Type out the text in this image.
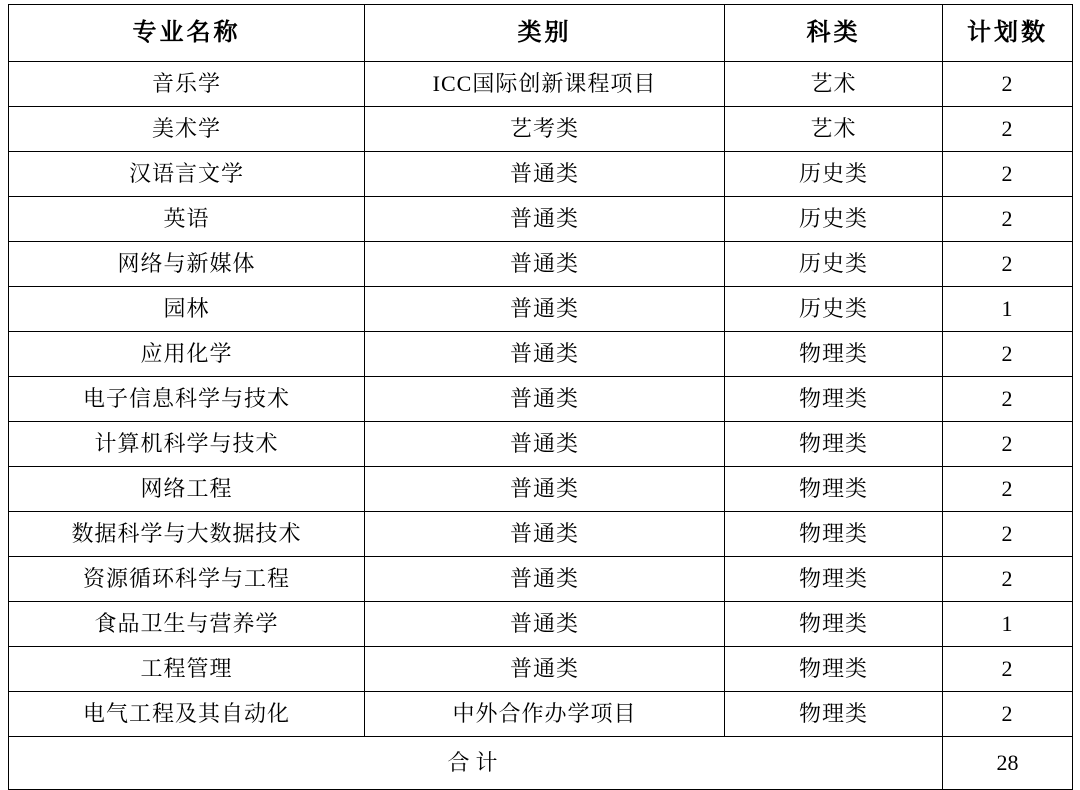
专业名称	类别	科类	计划数
音乐学	ICC国际创新课程项目	艺术	2
美术学	艺考类	艺术	2
汉语言文学	普通类	历史类	2
英语	普通类	历史类	2
网络与新媒体	普通类	历史类	2
园林	普通类	历史类	1
应用化学	普通类	物理类	2
电子信息科学与技术	普通类	物理类	2
计算机科学与技术	普通类	物理类	2
网络工程	普通类	物理类	2
数据科学与大数据技术	普通类	物理类	2
资源循环科学与工程	普通类	物理类	2
食品卫生与营养学	普通类	物理类	1
工程管理	普通类	物理类	2
电气工程及其自动化	中外合作办学项目	物理类	2
合计			28
